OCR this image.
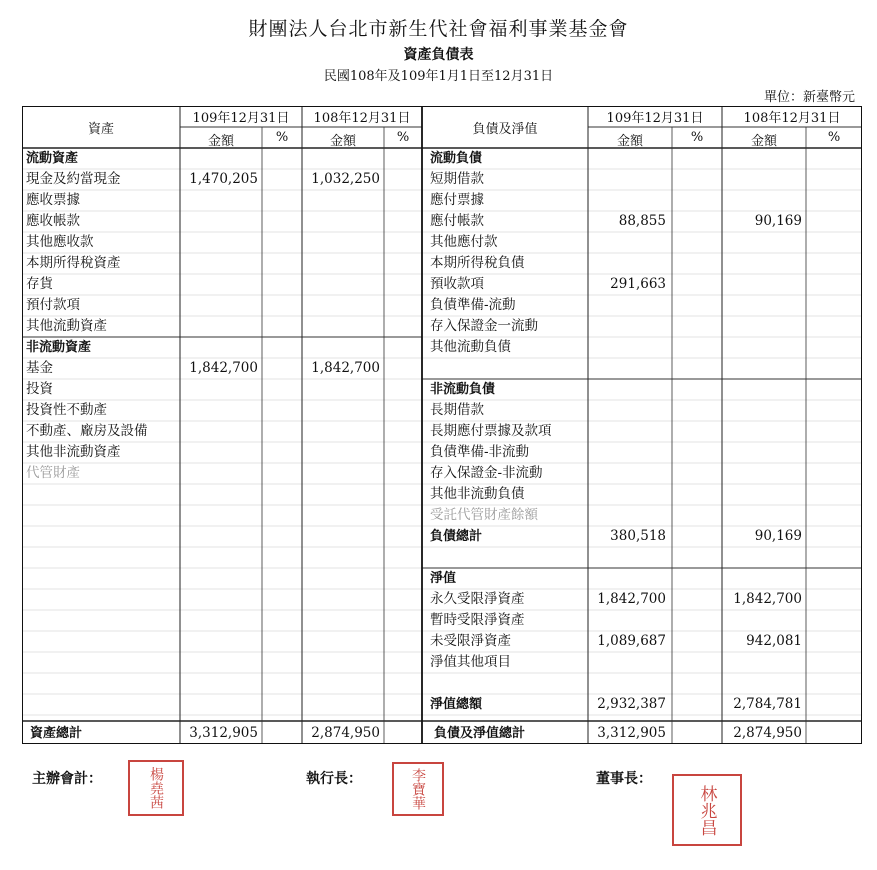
財團法人台北市新生代社會福利事業基金會
資產負債表
民國108年及109年1月1日至12月31日
單位：新臺幣元
資產
109年12月31日	108年12月31日
金額	%	金額	%
負債及淨值
109年12月31日	108年12月31日
金額	%	金額	%
流動資產
現金及約當現金	1,470,205	1,032,250
應收票據
應收帳款
其他應收款
本期所得稅資產
存貨
預付款項
其他流動資產
非流動資產
基金	1,842,700	1,842,700
投資
投資性不動產
不動產、廠房及設備
其他非流動資產
代管財產
流動負債
短期借款
應付票據
應付帳款	88,855	90,169
其他應付款
本期所得稅負債
預收款項	291,663
負債準備-流動
存入保證金一流動
其他流動負債
非流動負債
長期借款
長期應付票據及款項
負債準備-非流動
存入保證金-非流動
其他非流動負債
受託代管財產餘額
負債總計	380,518	90,169
淨值
永久受限淨資產	1,842,700	1,842,700
暫時受限淨資產
未受限淨資產	1,089,687	942,081
淨值其他項目
淨值總額	2,932,387	2,784,781
資產總計	3,312,905	2,874,950	負債及淨值總計	3,312,905	2,874,950
主辦會計：	楊堯茜	執行長：	李寶華	董事長：
林兆昌
